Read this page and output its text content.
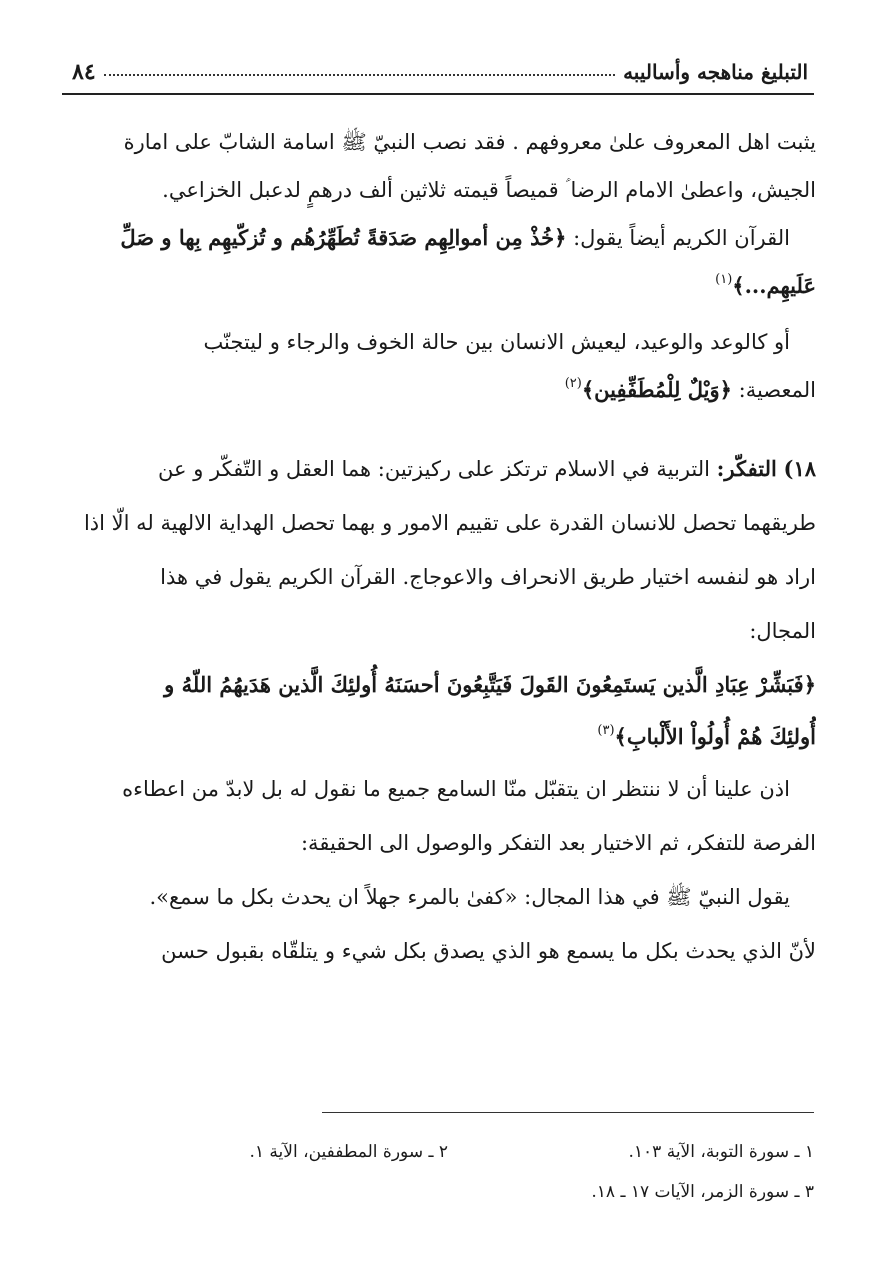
التبليغ مناهجه وأساليبه
٨٤
يثبت اهل المعروف علىٰ معروفهم . فقد نصب النبيّ ﷺ اسامة الشابّ على امارة
الجيش، واعطىٰ الامام الرضا ؑ قميصاً قيمته ثلاثين ألف درهمٍ لدعبل الخزاعي.
القرآن الكريم أيضاً يقول: ﴿خُذْ مِن أموالِهِم صَدَقةً تُطَهِّرُهُم و تُزكّيهِم بِها و صَلِّ
عَلَيهِم...﴾$^{(١)}$
أو كالوعد والوعيد، ليعيش الانسان بين حالة الخوف والرجاء و ليتجنّب
المعصية: ﴿وَيْلٌ لِلْمُطَفِّفِين﴾$^{(٢)}$
١٨) التفكّر: التربية في الاسلام ترتكز على ركيزتين: هما العقل و التّفكّر و عن
طريقهما تحصل للانسان القدرة على تقييم الامور و بهما تحصل الهداية الالهية له الّا اذا
اراد هو لنفسه اختيار طريق الانحراف والاعوجاج. القرآن الكريم يقول في هذا
المجال:
﴿فَبَشِّرْ عِبَادِ الَّذين يَستَمِعُونَ القَولَ فَيَتَّبِعُونَ أحسَنَهُ أُولئِكَ الَّذين هَدَيهُمُ اللّهُ و
أُولئِكَ هُمْ أُولُواْ الأَلْبابِ﴾$^{(٣)}$
اذن علينا أن لا ننتظر ان يتقبّل منّا السامع جميع ما نقول له بل لابدّ من اعطاءه
الفرصة للتفكر، ثم الاختيار بعد التفكر والوصول الى الحقيقة:
يقول النبيّ ﷺ في هذا المجال: «كفىٰ بالمرء جهلاً ان يحدث بكل ما سمع».
لأنّ الذي يحدث بكل ما يسمع هو الذي يصدق بكل شيء و يتلقّاه بقبول حسن
١ ـ سورة التوبة، الآية ١٠٣.
٢ ـ سورة المطففين، الآية ١.
٣ ـ سورة الزمر، الآيات ١٧ ـ ١٨.
